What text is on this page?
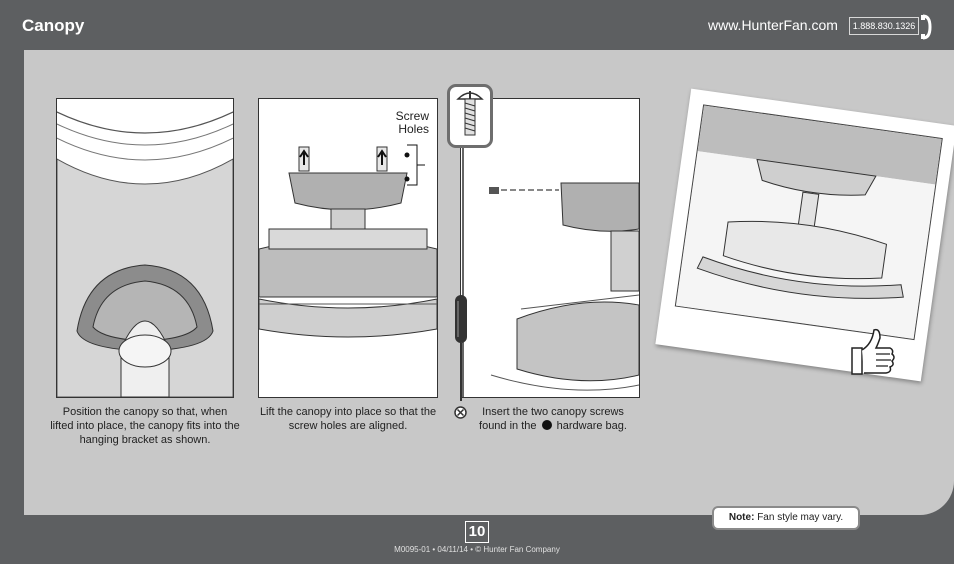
Canopy	www.HunterFan.com	1.888.830.1326
Position the canopy so that, when lifted into place, the canopy fits into the hanging bracket as shown.
Screw Holes
Lift the canopy into place so that the screw holes are aligned.
Insert the two canopy screws found in the hardware bag.
Note: Fan style may vary.
10
M0095-01 • 04/11/14 • © Hunter Fan Company
